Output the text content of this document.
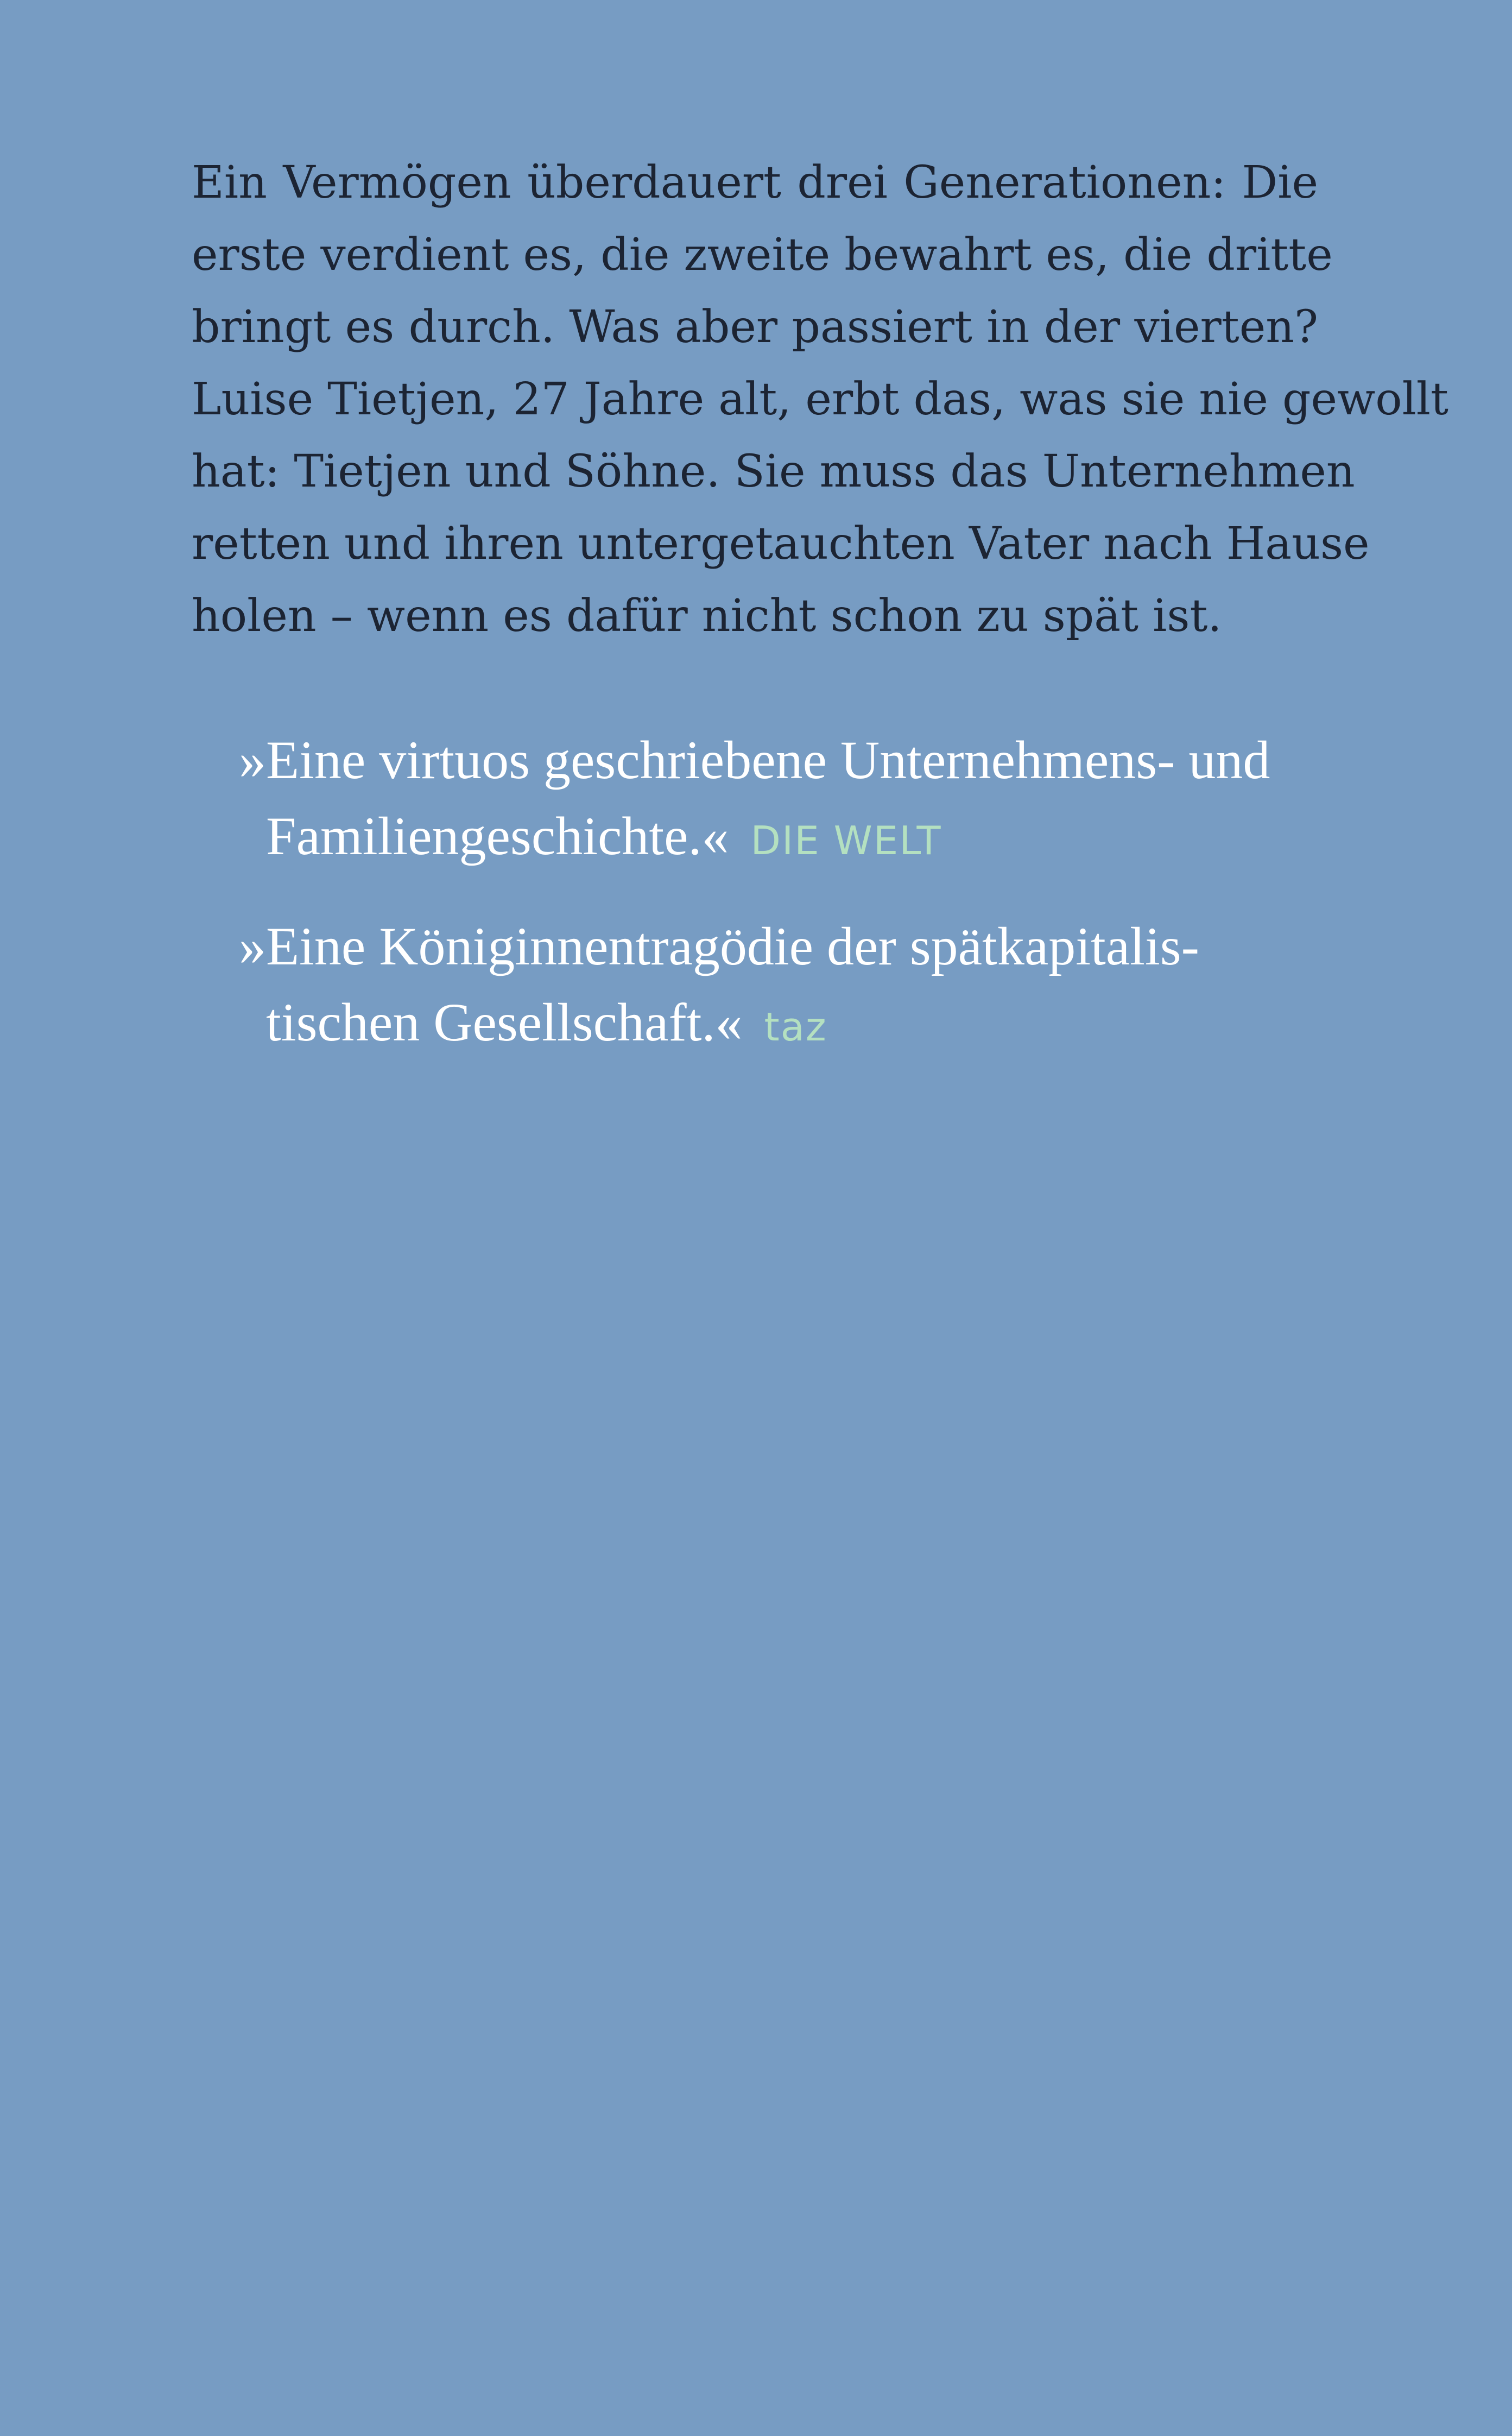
Ein Vermögen überdauert drei Generationen: Die
erste verdient es, die zweite bewahrt es, die dritte
bringt es durch. Was aber passiert in der vierten?
Luise Tietjen, 27 Jahre alt, erbt das, was sie nie gewollt
hat: Tietjen und Söhne. Sie muss das Unternehmen
retten und ihren untergetauchten Vater nach Hause
holen – wenn es dafür nicht schon zu spät ist.

»Eine virtuos geschriebene Unternehmens- und
Familiengeschichte.« DIE WELT

»Eine Königinnentragödie der spätkapitalis-
tischen Gesellschaft.« taz
